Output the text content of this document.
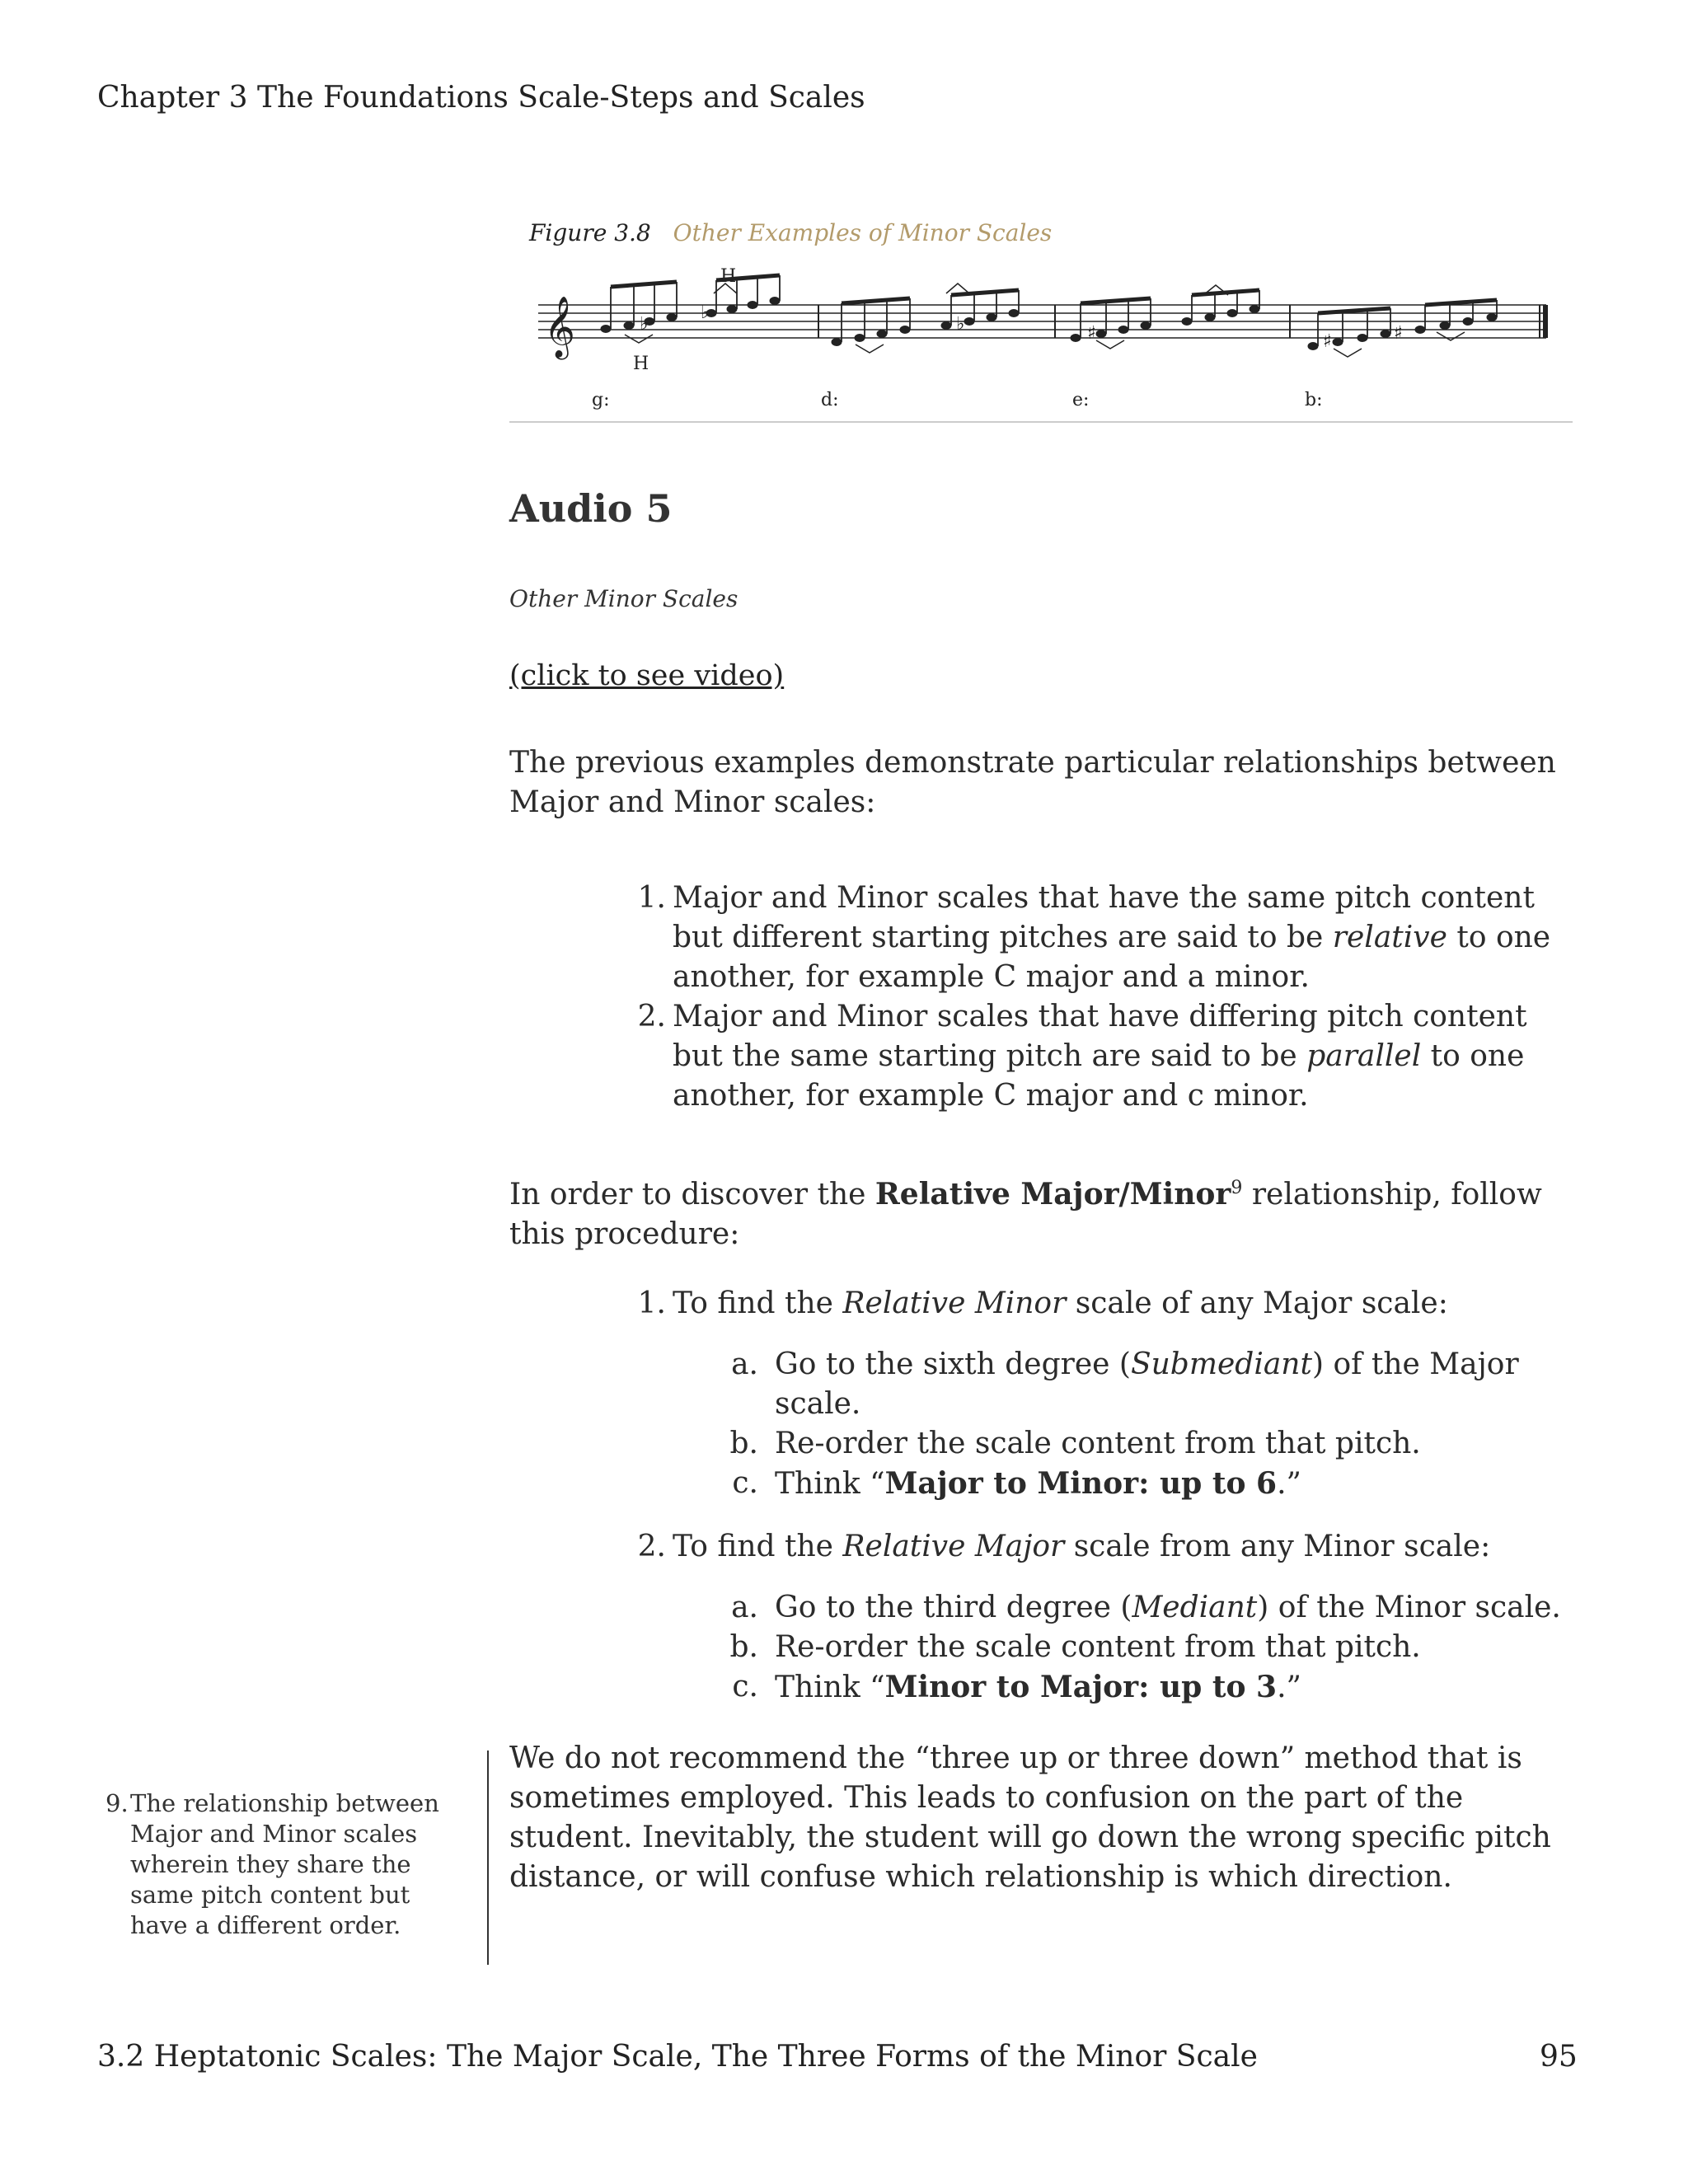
Chapter 3 The Foundations Scale-Steps and Scales
Figure 3.8 Other Examples of Minor Scales
𝄞	♭
♭
♭	♯	♯	♯
H
H
g:	d:	e:	b:
Audio 5
Other Minor Scales
(click to see video)
The previous examples demonstrate particular relationships between Major and Minor scales:
1. Major and Minor scales that have the same pitch content but different starting pitches are said to be relative to one another, for example C major and a minor.
2. Major and Minor scales that have differing pitch content but the same starting pitch are said to be parallel to one another, for example C major and c minor.
In order to discover the Relative Major/Minor$^9$ relationship, follow this procedure:
1. To find the Relative Minor scale of any Major scale:
a. Go to the sixth degree (Submediant) of the Major scale.
b. Re-order the scale content from that pitch.
c. Think “Major to Minor: up to 6.”
2. To find the Relative Major scale from any Minor scale:
a. Go to the third degree (Mediant) of the Minor scale.
b. Re-order the scale content from that pitch.
c. Think “Minor to Major: up to 3.”
9. The relationship between Major and Minor scales wherein they share the same pitch content but have a different order.
We do not recommend the “three up or three down” method that is sometimes employed. This leads to confusion on the part of the student. Inevitably, the student will go down the wrong specific pitch distance, or will confuse which relationship is which direction.
3.2 Heptatonic Scales: The Major Scale, The Three Forms of the Minor Scale	95
